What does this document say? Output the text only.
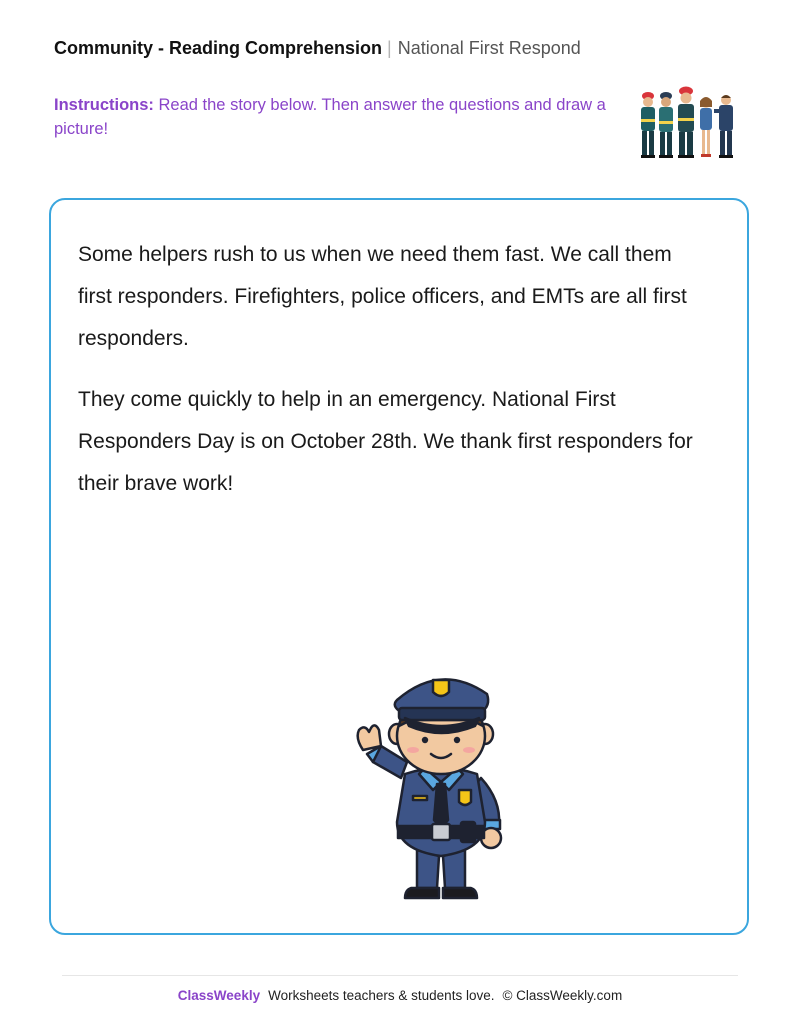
Community - Reading Comprehension | National First Respond
Instructions: Read the story below. Then answer the questions and draw a picture!

Some helpers rush to us when we need them fast. We call them first responders. Firefighters, police officers, and EMTs are all first responders.

They come quickly to help in an emergency. National First Responders Day is on October 28th. We thank first responders for their brave work!

ClassWeekly Worksheets teachers & students love. © ClassWeekly.com
